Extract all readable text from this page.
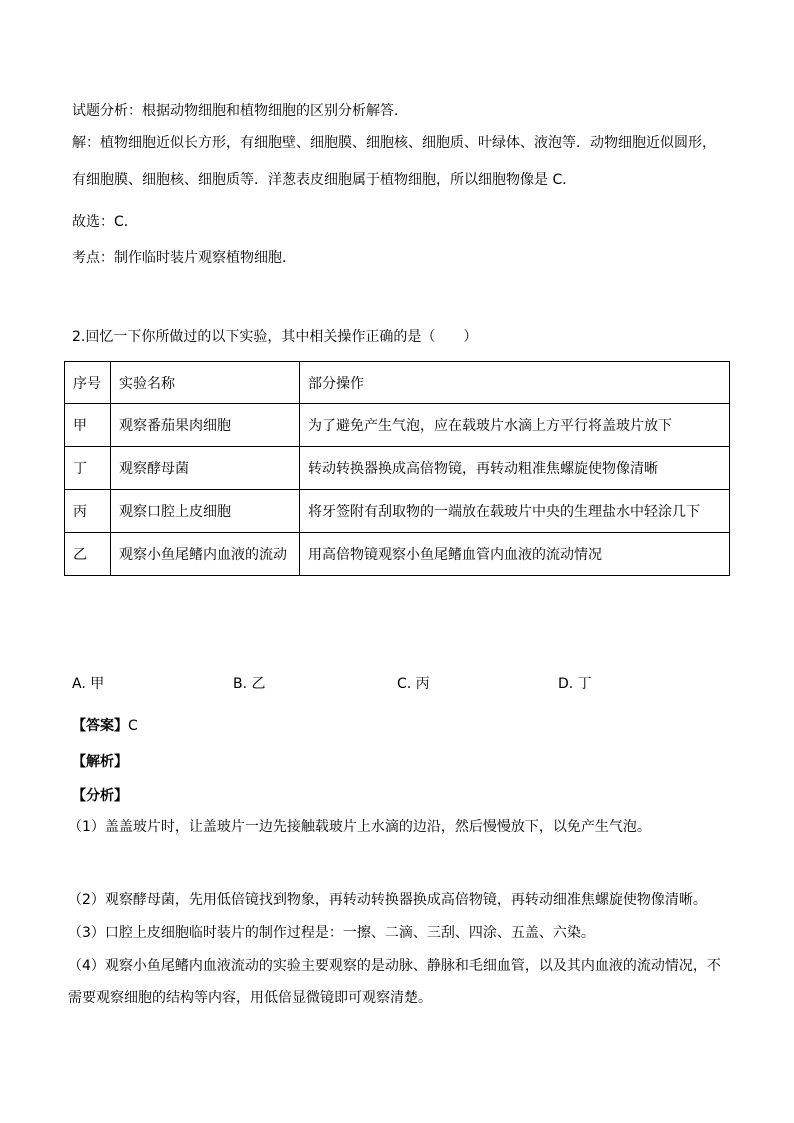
试题分析：根据动物细胞和植物细胞的区别分析解答．
解：植物细胞近似长方形，有细胞壁、细胞膜、细胞核、细胞质、叶绿体、液泡等．动物细胞近似圆形，
有细胞膜、细胞核、细胞质等．洋葱表皮细胞属于植物细胞，所以细胞物像是 C．
故选：C．
考点：制作临时装片观察植物细胞．
2.回忆一下你所做过的以下实验，其中相关操作正确的是（　　）
序号	实验名称	部分操作
甲	观察番茄果肉细胞	为了避免产生气泡，应在载玻片水滴上方平行将盖玻片放下
丁	观察酵母菌	转动转换器换成高倍物镜，再转动粗准焦螺旋使物像清晰
丙	观察口腔上皮细胞	将牙签附有刮取物的一端放在载玻片中央的生理盐水中轻涂几下
乙	观察小鱼尾鳍内血液的流动	用高倍物镜观察小鱼尾鳍血管内血液的流动情况
A. 甲	B. 乙	C. 丙	D. 丁
【答案】C
【解析】
【分析】
（1）盖盖玻片时，让盖玻片一边先接触载玻片上水滴的边沿，然后慢慢放下，以免产生气泡。
（2）观察酵母菌，先用低倍镜找到物象，再转动转换器换成高倍物镜，再转动细准焦螺旋使物像清晰。
（3）口腔上皮细胞临时装片的制作过程是：一擦、二滴、三刮、四涂、五盖、六染。
（4）观察小鱼尾鳍内血液流动的实验主要观察的是动脉、静脉和毛细血管，以及其内血液的流动情况，不
需要观察细胞的结构等内容，用低倍显微镜即可观察清楚。
